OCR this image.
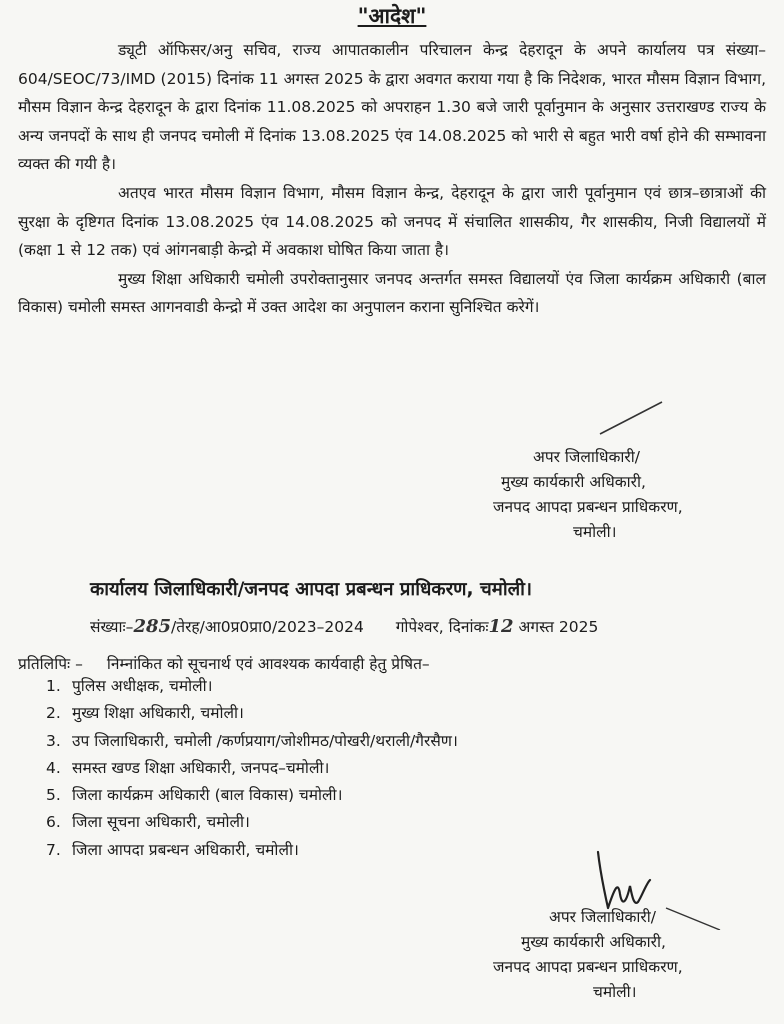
"आदेश"

ड्यूटी ऑफिसर/अनु सचिव, राज्य आपातकालीन परिचालन केन्द्र देहरादून के अपने कार्यालय पत्र संख्या–604/SEOC/73/IMD (2015) दिनांक 11 अगस्त 2025 के द्वारा अवगत कराया गया है कि निदेशक, भारत मौसम विज्ञान विभाग, मौसम विज्ञान केन्द्र देहरादून के द्वारा दिनांक 11.08.2025 को अपराहन 1.30 बजे जारी पूर्वानुमान के अनुसार उत्तराखण्ड राज्य के अन्य जनपदों के साथ ही जनपद चमोली में दिनांक 13.08.2025 एंव 14.08.2025 को भारी से बहुत भारी वर्षा होने की सम्भावना व्यक्त की गयी है।

अतएव भारत मौसम विज्ञान विभाग, मौसम विज्ञान केन्द्र, देहरादून के द्वारा जारी पूर्वानुमान एवं छात्र–छात्राओं की सुरक्षा के दृष्टिगत दिनांक 13.08.2025 एंव 14.08.2025 को जनपद में संचालित शासकीय, गैर शासकीय, निजी विद्यालयों में (कक्षा 1 से 12 तक) एवं आंगनबाड़ी केन्द्रो में अवकाश घोषित किया जाता है।

मुख्य शिक्षा अधिकारी चमोली उपरोक्तानुसार जनपद अन्तर्गत समस्त विद्यालयों एंव जिला कार्यक्रम अधिकारी (बाल विकास) चमोली समस्त आगनवाडी केन्द्रो में उक्त आदेश का अनुपालन कराना सुनिश्चित करेगें।

अपर जिलाधिकारी/
मुख्य कार्यकारी अधिकारी,
जनपद आपदा प्रबन्धन प्राधिकरण,
चमोली।
कार्यालय जिलाधिकारी/जनपद आपदा प्रबन्धन प्राधिकरण, चमोली।
संख्याः–285/तेरह/आ0प्र0प्रा0/2023–2024 गोपेश्वर, दिनांकः12 अगस्त 2025
प्रतिलिपिः – निम्नांकित को सूचनार्थ एवं आवश्यक कार्यवाही हेतु प्रेषित–
1. पुलिस अधीक्षक, चमोली।
2. मुख्य शिक्षा अधिकारी, चमोली।
3. उप जिलाधिकारी, चमोली /कर्णप्रयाग/जोशीमठ/पोखरी/थराली/गैरसैण।
4. समस्त खण्ड शिक्षा अधिकारी, जनपद–चमोली।
5. जिला कार्यक्रम अधिकारी (बाल विकास) चमोली।
6. जिला सूचना अधिकारी, चमोली।
7. जिला आपदा प्रबन्धन अधिकारी, चमोली।
अपर जिलाधिकारी/
मुख्य कार्यकारी अधिकारी,
जनपद आपदा प्रबन्धन प्राधिकरण,
चमोली।
